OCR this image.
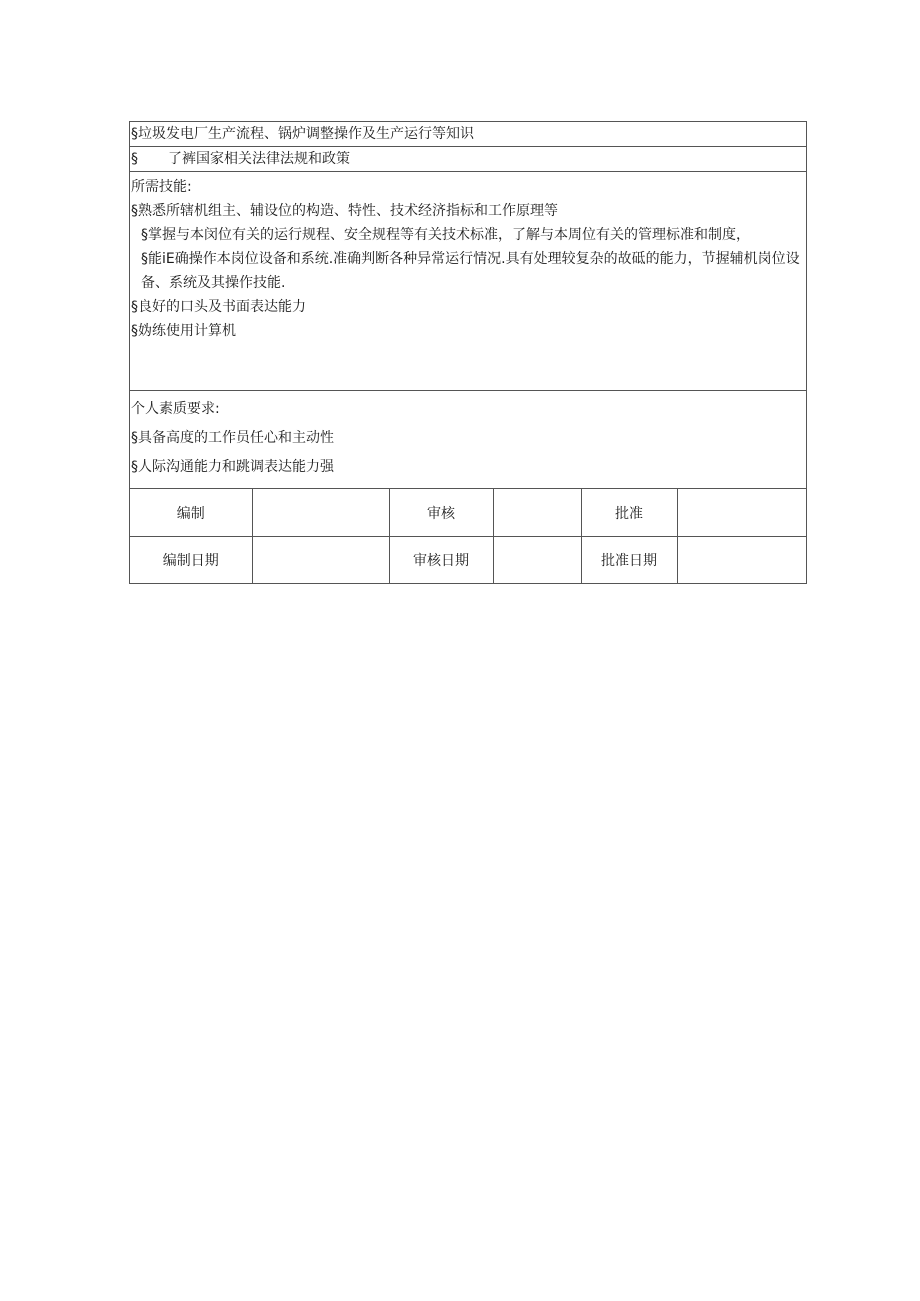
§垃圾发电厂生产流程、锅炉调整操作及生产运行等知识
§ 了裤国家相关法律法规和政策
所需技能:
§熟悉所辖机组主、辅设位的构造、特性、技术经济指标和工作原理等
§掌握与本闵位有关的运行规程、安全规程等有关技术标准，了解与本周位有关的管理标准和制度，
§能iE确操作本岗位设备和系统.准确判断各种异常运行情况.具有处理较复杂的故砥的能力，节握辅机岗位设备、系统及其操作技能.
§良好的口头及书面表达能力
§妫练使用计算机
个人素质要求:
§具备高度的工作员任心和主动性
§人际沟通能力和跳调表达能力强
编制		审核		批准	
编制日期		审核日期		批准日期	
